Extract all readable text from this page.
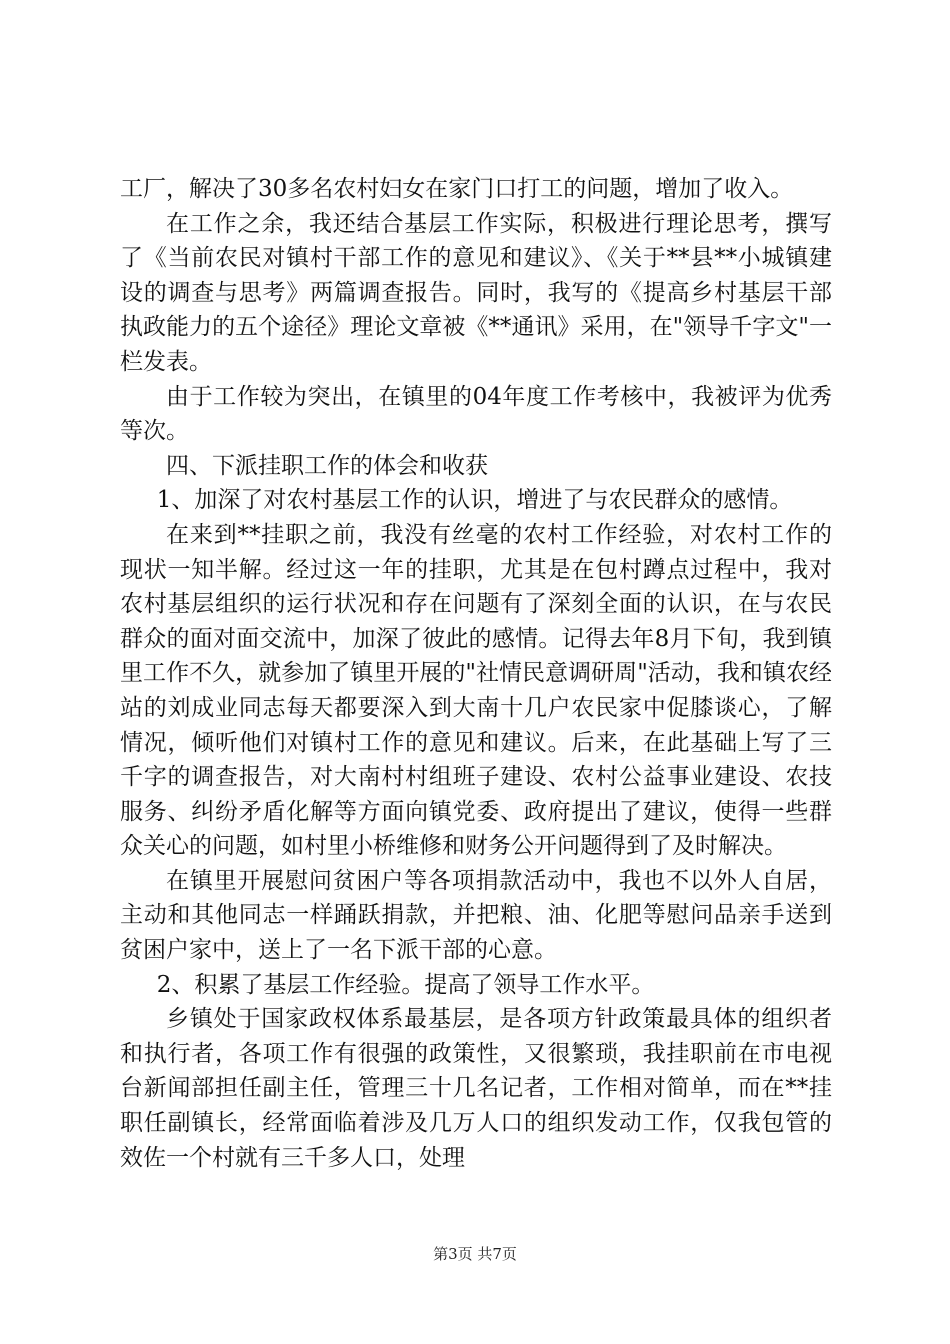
工厂，解决了30多名农村妇女在家门口打工的问题，增加了收入。

在工作之余，我还结合基层工作实际，积极进行理论思考，撰写了《当前农民对镇村干部工作的意见和建议》、《关于**县**小城镇建设的调查与思考》两篇调查报告。同时，我写的《提高乡村基层干部执政能力的五个途径》理论文章被《**通讯》采用，在"领导千字文"一栏发表。

由于工作较为突出，在镇里的04年度工作考核中，我被评为优秀等次。

四、下派挂职工作的体会和收获

1、加深了对农村基层工作的认识，增进了与农民群众的感情。

在来到**挂职之前，我没有丝毫的农村工作经验，对农村工作的现状一知半解。经过这一年的挂职，尤其是在包村蹲点过程中，我对农村基层组织的运行状况和存在问题有了深刻全面的认识，在与农民群众的面对面交流中，加深了彼此的感情。记得去年8月下旬，我到镇里工作不久，就参加了镇里开展的"社情民意调研周"活动，我和镇农经站的刘成业同志每天都要深入到大南十几户农民家中促膝谈心，了解情况，倾听他们对镇村工作的意见和建议。后来，在此基础上写了三千字的调查报告，对大南村村组班子建设、农村公益事业建设、农技服务、纠纷矛盾化解等方面向镇党委、政府提出了建议，使得一些群众关心的问题，如村里小桥维修和财务公开问题得到了及时解决。

在镇里开展慰问贫困户等各项捐款活动中，我也不以外人自居，主动和其他同志一样踊跃捐款，并把粮、油、化肥等慰问品亲手送到贫困户家中，送上了一名下派干部的心意。

2、积累了基层工作经验。提高了领导工作水平。

乡镇处于国家政权体系最基层，是各项方针政策最具体的组织者和执行者，各项工作有很强的政策性，又很繁琐，我挂职前在市电视台新闻部担任副主任，管理三十几名记者，工作相对简单，而在**挂职任副镇长，经常面临着涉及几万人口的组织发动工作，仅我包管的效佐一个村就有三千多人口，处理

第3页 共7页
